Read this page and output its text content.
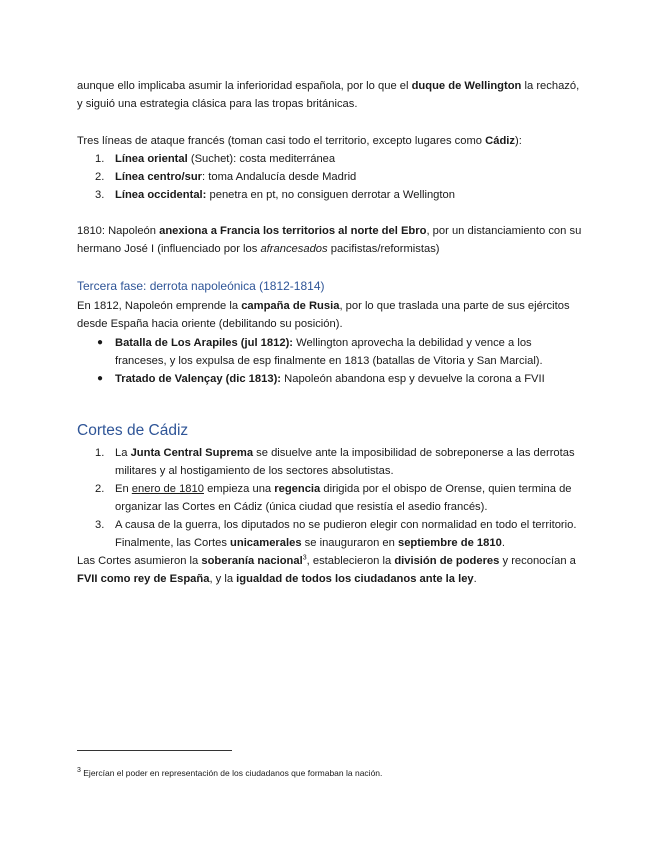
aunque ello implicaba asumir la inferioridad española, por lo que el duque de Wellington la rechazó, y siguió una estrategia clásica para las tropas británicas.

Tres líneas de ataque francés (toman casi todo el territorio, excepto lugares como Cádiz):

1. Línea oriental (Suchet): costa mediterránea
2. Línea centro/sur: toma Andalucía desde Madrid
3. Línea occidental: penetra en pt, no consiguen derrotar a Wellington

1810: Napoleón anexiona a Francia los territorios al norte del Ebro, por un distanciamiento con su hermano José I (influenciado por los afrancesados pacifistas/reformistas)

Tercera fase: derrota napoleónica (1812-1814)

En 1812, Napoleón emprende la campaña de Rusia, por lo que traslada una parte de sus ejércitos desde España hacia oriente (debilitando su posición).

● Batalla de Los Arapiles (jul 1812): Wellington aprovecha la debilidad y vence a los franceses, y los expulsa de esp finalmente en 1813 (batallas de Vitoria y San Marcial).
● Tratado de Valençay (dic 1813): Napoleón abandona esp y devuelve la corona a FVII

Cortes de Cádiz

1. La Junta Central Suprema se disuelve ante la imposibilidad de sobreponerse a las derrotas militares y al hostigamiento de los sectores absolutistas.
2. En enero de 1810 empieza una regencia dirigida por el obispo de Orense, quien termina de organizar las Cortes en Cádiz (única ciudad que resistía el asedio francés).
3. A causa de la guerra, los diputados no se pudieron elegir con normalidad en todo el territorio. Finalmente, las Cortes unicamerales se inauguraron en septiembre de 1810.

Las Cortes asumieron la soberanía nacional$^3$, establecieron la división de poderes y reconocían a FVII como rey de España, y la igualdad de todos los ciudadanos ante la ley.

$^3$ Ejercían el poder en representación de los ciudadanos que formaban la nación.
